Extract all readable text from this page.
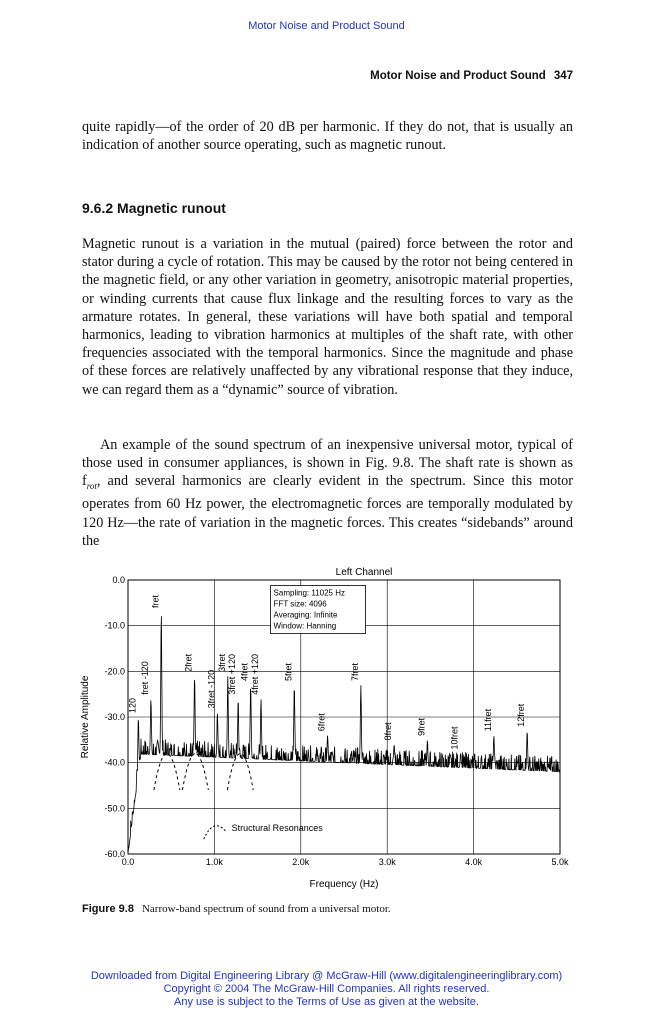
Motor Noise and Product Sound
Motor Noise and Product Sound 347

quite rapidly—of the order of 20 dB per harmonic. If they do not, that is usually an indication of another source operating, such as magnetic runout.

9.6.2 Magnetic runout

Magnetic runout is a variation in the mutual (paired) force between the rotor and stator during a cycle of rotation. This may be caused by the rotor not being centered in the magnetic field, or any other variation in geometry, anisotropic material properties, or winding currents that cause flux linkage and the resulting forces to vary as the armature rotates. In general, these variations will have both spatial and temporal harmonics, leading to vibration harmonics at multiples of the shaft rate, with other frequencies associated with the temporal harmonics. Since the magnitude and phase of these forces are relatively unaffected by any vibrational response that they induce, we can regard them as a “dynamic” source of vibration.

An example of the sound spectrum of an inexpensive universal motor, typical of those used in consumer appliances, is shown in Fig. 9.8. The shaft rate is shown as $f_{rot}$, and several harmonics are clearly evident in the spectrum. Since this motor operates from 60 Hz power, the electromagnetic forces are temporally modulated by 120 Hz—the rate of variation in the magnetic forces. This creates “sidebands” around the

Left Channel
0.0	1.0k	2.0k	3.0k	4.0k	5.0k
0.0
-10.0
-20.0
-30.0
-40.0
-50.0
-60.0
Frequency (Hz)
Relative Amplitude	120
fret -120
fret
2fret
3fret -120
3fret 3fret +120 4fret 4fret +120	5fret
6fret
7fret
8fret	9fret	10fret
11fret	12fret
Sampling: 11025 Hz
FFT size: 4096
Averaging: Infinite
Window: Hanning
Structural Resonances
Figure 9.8 Narrow-band spectrum of sound from a universal motor.
Downloaded from Digital Engineering Library @ McGraw-Hill (www.digitalengineeringlibrary.com)
Copyright © 2004 The McGraw-Hill Companies. All rights reserved.
Any use is subject to the Terms of Use as given at the website.
